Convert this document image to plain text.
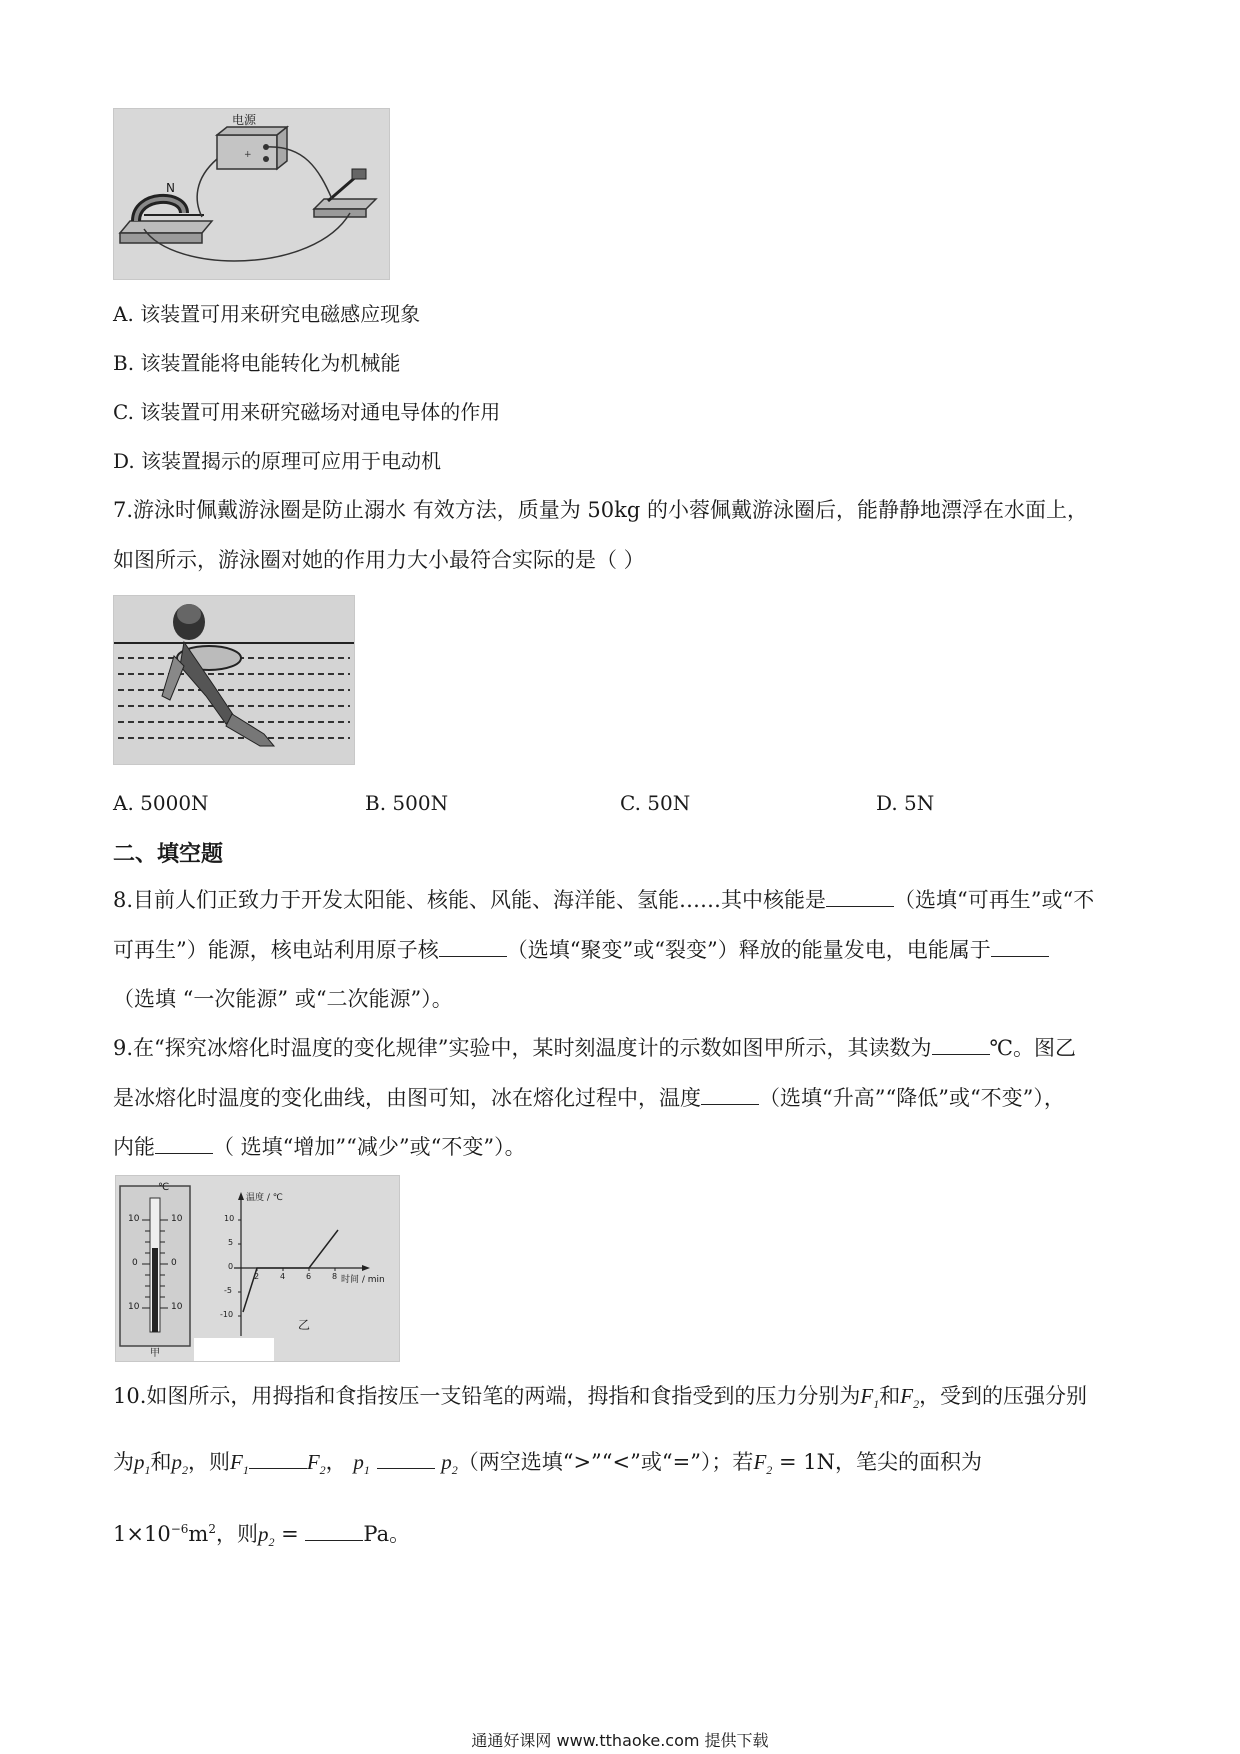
+
电源
N
A. 该装置可用来研究电磁感应现象
B. 该装置能将电能转化为机械能
C. 该装置可用来研究磁场对通电导体的作用
D. 该装置揭示的原理可应用于电动机
7.游泳时佩戴游泳圈是防止溺水 有效方法，质量为 50kg 的小蓉佩戴游泳圈后，能静静地漂浮在水面上，
如图所示，游泳圈对她的作用力大小最符合实际的是（ ）
A. 5000N	B. 500N	C. 50N	D. 5N
二、填空题
8.目前人们正致力于开发太阳能、核能、风能、海洋能、氢能……其中核能是	（选填“可再生”或“不
可再生”）能源，核电站利用原子核	（选填“聚变”或“裂变”）释放的能量发电，电能属于
（选填 “一次能源” 或“二次能源”）。
9.在“探究冰熔化时温度的变化规律”实验中，某时刻温度计的示数如图甲所示，其读数为	℃。图乙
是冰熔化时温度的变化曲线，由图可知，冰在熔化过程中，温度	（选填“升高”“降低”或“不变”），
内能	（ 选填“增加”“减少”或“不变”）。
℃
10
0
10
10
0
10
甲
温度 / ℃
时间 / min
10
5
0
-5
-10
2	4	6	8
乙
10.如图所示，用拇指和食指按压一支铅笔的两端，拇指和食指受到的压力分别为$F_1$和$F_2$，受到的压强分别
为$p_1$和$p_2$，则$F_1$	$F_2$， $p_1$	$p_2$（两空选填“>”“<”或“=”）；若$F_2 = 1N$，笔尖的面积为
$1\times 10^{-6}m^2$，则$p_2$ =	Pa。
通通好课网 www.tthaoke.com 提供下载
